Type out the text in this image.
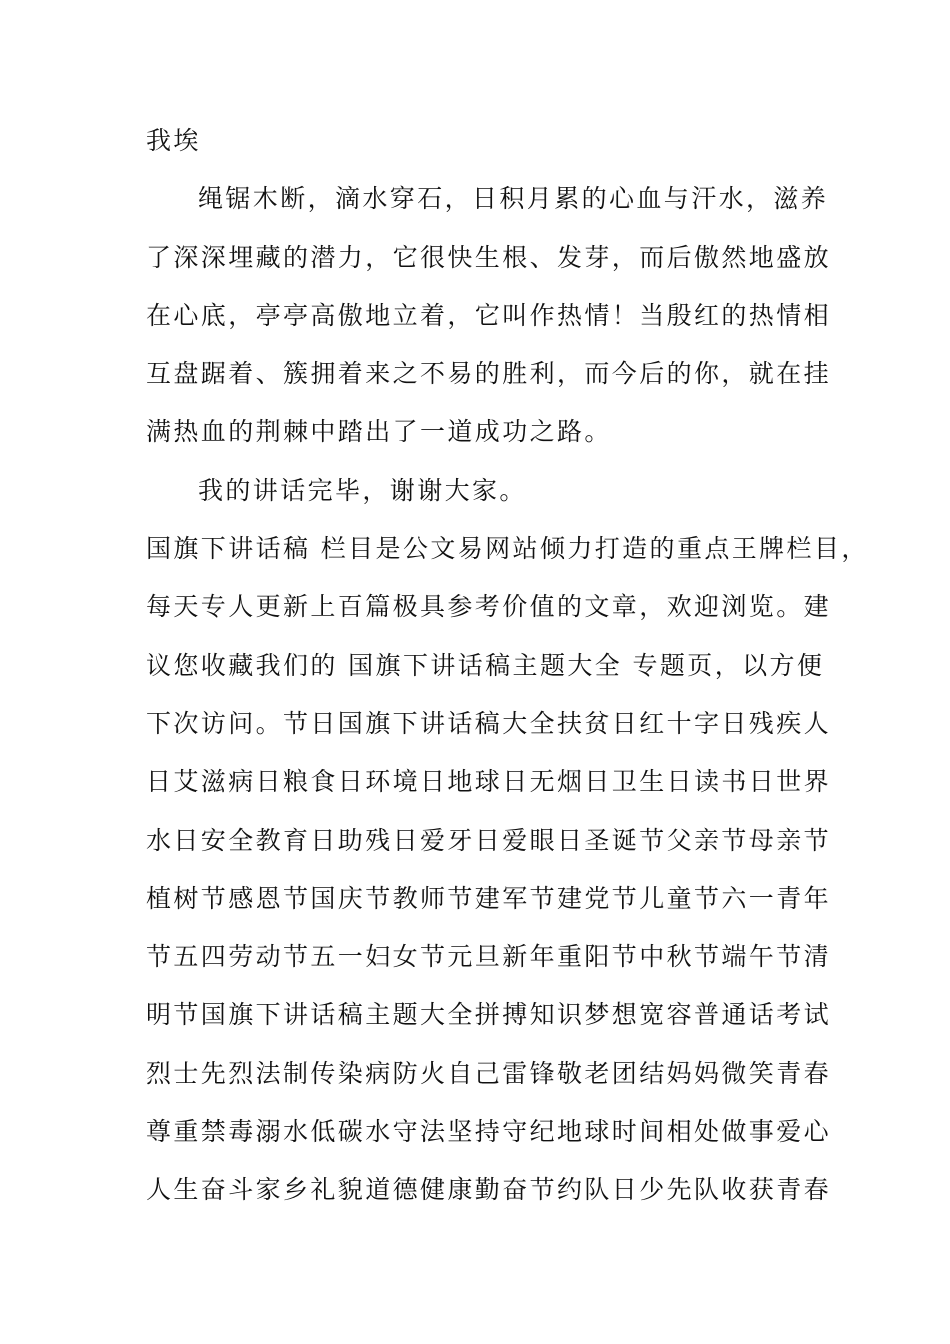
我埃
绳锯木断，滴水穿石，日积月累的心血与汗水，滋养
了深深埋藏的潜力，它很快生根、发芽，而后傲然地盛放
在心底，亭亭高傲地立着，它叫作热情！当殷红的热情相
互盘踞着、簇拥着来之不易的胜利，而今后的你，就在挂
满热血的荆棘中踏出了一道成功之路。
我的讲话完毕，谢谢大家。
国旗下讲话稿 栏目是公文易网站倾力打造的重点王牌栏目，
每天专人更新上百篇极具参考价值的文章，欢迎浏览。建
议您收藏我们的 国旗下讲话稿主题大全 专题页，以方便
下次访问。节日国旗下讲话稿大全扶贫日红十字日残疾人
日艾滋病日粮食日环境日地球日无烟日卫生日读书日世界
水日安全教育日助残日爱牙日爱眼日圣诞节父亲节母亲节
植树节感恩节国庆节教师节建军节建党节儿童节六一青年
节五四劳动节五一妇女节元旦新年重阳节中秋节端午节清
明节国旗下讲话稿主题大全拼搏知识梦想宽容普通话考试
烈士先烈法制传染病防火自己雷锋敬老团结妈妈微笑青春
尊重禁毒溺水低碳水守法坚持守纪地球时间相处做事爱心
人生奋斗家乡礼貌道德健康勤奋节约队日少先队收获青春
